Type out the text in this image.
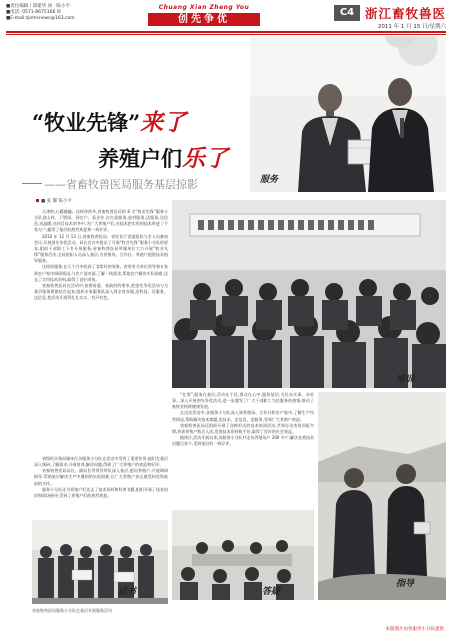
■责任编辑 / 郑建华 刘 · 陈小平
■电话: 0571-8675166 转
■E-mail:zjxmsnews@163.com
Chuang Xian Zheng You
创先争优
C4 浙江畜牧兽医
2011 年 1 月 15 日/星期六
服务
“牧业先锋”来了
养殖户们乐了
——省畜牧兽医局服务基层掠影
■ 张 馨 陈小平
培训

天津的,心暖融融。这样冲的冬,省畜牧兽医局的 8 支“牧业先锋”服务小分队进山村、下猪场、到农户、看企业,在打造服务,进村服务,送服务,送信息,送温暖,送项目技术的冬中,为广大养殖户们,送技术把实用的技术带进了千家万户,赢得了基层的热烈欢迎和一致好评。

2010 年 12 月 13 日,省畜牧兽医局、省农业厅党委组织与会人员参加会议,开展创先争优活动。局长会议中提出了开展“牧业先锋”服务小分队的要求,组织干部职工下乡开展服务,省畜牧兽医局所属单位大力开展“牧业先锋”服务活动,全局组织人员深入基层,为养殖场、合作社、养殖户提供技术指导服务。

这样的服务,在几个月中收到了非常好的效果。省里有关单位领导和专家到农户家中调研情况,与农户面对面,了解一线需求,帮助农户解决实际困难,送去了实用技术资料,取得了良好成效。

省畜牧兽医局在活动中,按照省委、省政府的要求,把创先争优活动与为基层服务紧密结合起来,组织专家服务队深入到全省各地,送科技、送服务、送信息,把活动开展得扎扎实实、有声有色。

省级机关和局属单位各服务小分队在活动中发挥了重要作用,他们在基层深入调研,了解需求,开展培训,解决问题,得到了广大养殖户的欢迎和好评。

省畜牧兽医局局长、副局长等领导带队深入基层,慰问养殖户,开展调研指导,帮助基层解决生产中遇到的实际困难,让广大养殖户真正感受到党和政府的关怀。

服务小分队还为养殖户们送去了技术资料和科普书籍,组织开展了技术培训和现场指导,受到了养殖户们的热烈欢迎。

“在那”,服务在基层,活动在于民,群众在心中,服务基层,为民办实事、办好事。深入开展创先争优活动,进一步激发了广大干部职工为民服务的热情,推动了畜牧业持续健康发展。

在这次活动中,各服务小分队深入到养殖场、合作社和农户家中,了解生产经营情况,帮助解决技术难题,送技术、送信息、送服务,受到广大养殖户欢迎。

省畜牧兽医局还组织开展了各种形式的技术培训活动,共举办各类培训班多期,培训养殖户数百人次,发放技术资料数千份,取得了良好的社会效益。

据统计,活动开展以来,各服务小分队共走访养殖场户 200 多户,解决各类技术问题百余个,受到基层的一致好评。

指导
送书	答疑
省畜牧兽医局服务小分队在基层开展服务活动
本版图片由各服务小分队提供
